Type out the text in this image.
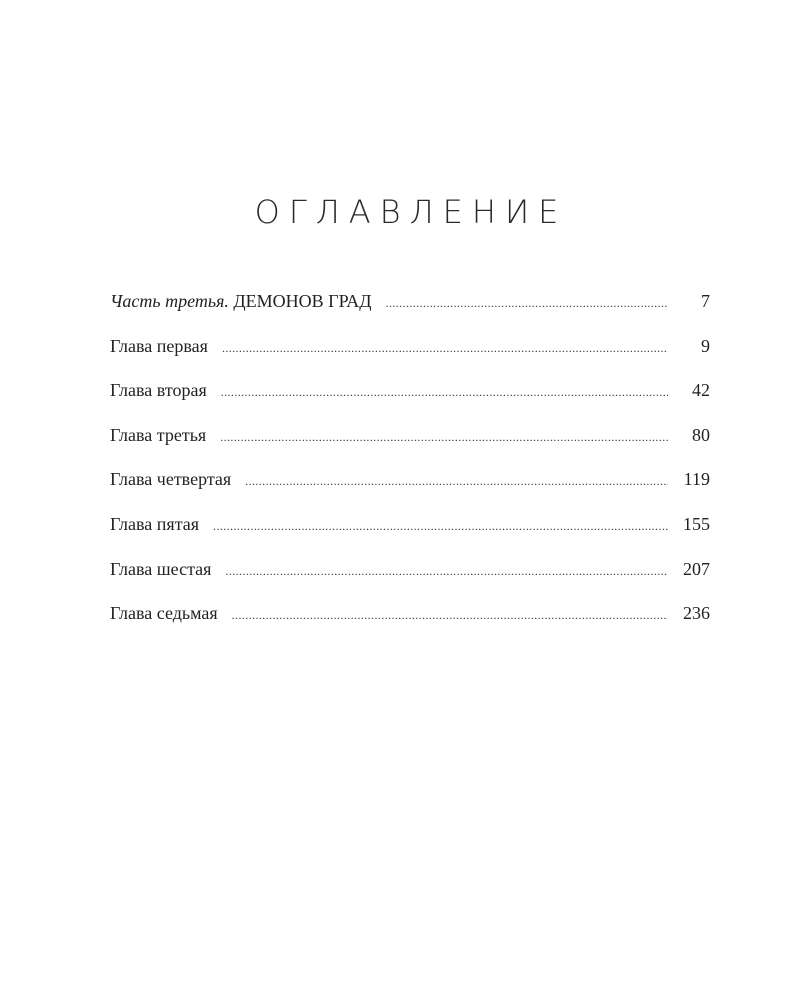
ОГЛАВЛЕНИЕ
Часть третья. ДЕМОНОВ ГРАД .....	7
Глава первая .....	9
Глава вторая .....	42
Глава третья .....	80
Глава четвертая .....	119
Глава пятая .....	155
Глава шестая .....	207
Глава седьмая .....	236
